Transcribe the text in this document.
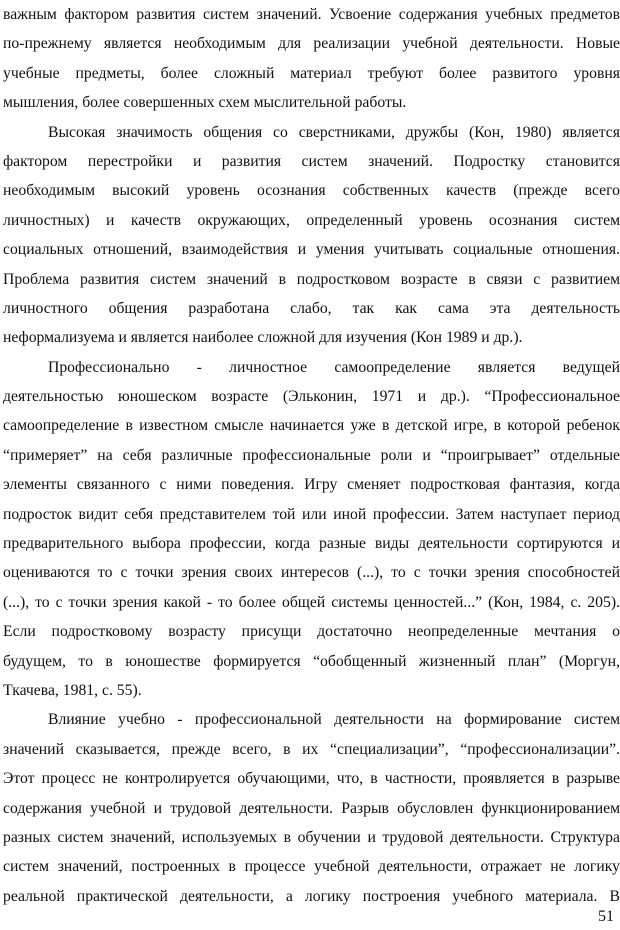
важным фактором развития систем значений. Усвоение содержания учебных предметов
по-прежнему является необходимым для реализации учебной деятельности. Новые
учебные предметы, более сложный материал требуют более развитого уровня
мышления, более совершенных схем мыслительной работы.
Высокая значимость общения со сверстниками, дружбы (Кон, 1980) является
фактором перестройки и развития систем значений. Подростку становится
необходимым высокий уровень осознания собственных качеств (прежде всего
личностных) и качеств окружающих, определенный уровень осознания систем
социальных отношений, взаимодействия и умения учитывать социальные отношения.
Проблема развития систем значений в подростковом возрасте в связи с развитием
личностного общения разработана слабо, так как сама эта деятельность
неформализуема и является наиболее сложной для изучения (Кон 1989 и др.).
Профессионально - личностное самоопределение является ведущей
деятельностью юношеском возрасте (Эльконин, 1971 и др.). “Профессиональное
самоопределение в известном смысле начинается уже в детской игре, в которой ребенок
“примеряет” на себя различные профессиональные роли и “проигрывает” отдельные
элементы связанного с ними поведения. Игру сменяет подростковая фантазия, когда
подросток видит себя представителем той или иной профессии. Затем наступает период
предварительного выбора профессии, когда разные виды деятельности сортируются и
оцениваются то с точки зрения своих интересов (...), то с точки зрения способностей
(...), то с точки зрения какой - то более общей системы ценностей...” (Кон, 1984, с. 205).
Если подростковому возрасту присущи достаточно неопределенные мечтания о
будущем, то в юношестве формируется “обобщенный жизненный план” (Моргун,
Ткачева, 1981, с. 55).
Влияние учебно - профессиональной деятельности на формирование систем
значений сказывается, прежде всего, в их “специализации”, “профессионализации”.
Этот процесс не контролируется обучающими, что, в частности, проявляется в разрыве
содержания учебной и трудовой деятельности. Разрыв обусловлен функционированием
разных систем значений, используемых в обучении и трудовой деятельности. Структура
систем значений, построенных в процессе учебной деятельности, отражает не логику
реальной практической деятельности, а логику построения учебного материала. В
51
